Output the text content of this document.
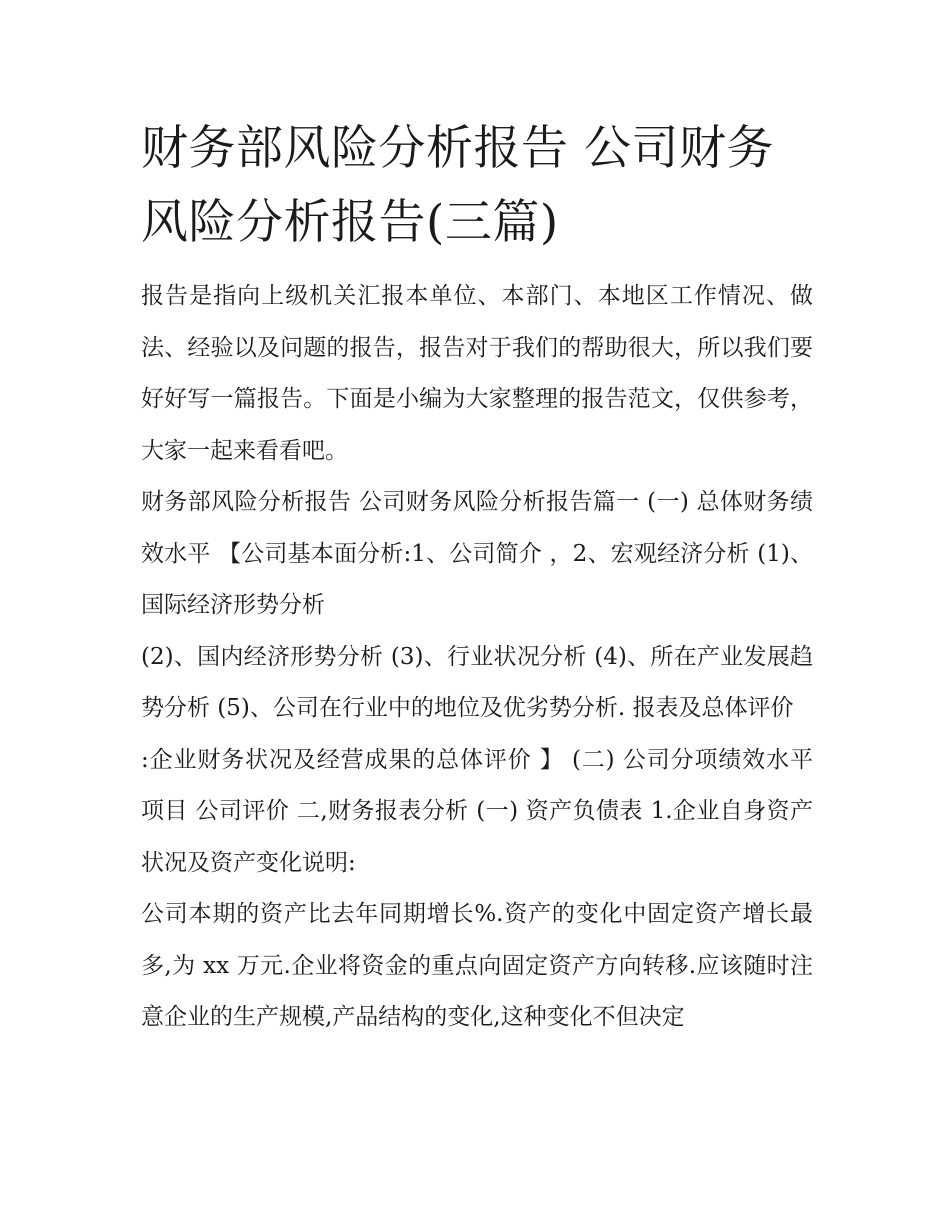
财务部风险分析报告 公司财务风险分析报告(三篇)

报告是指向上级机关汇报本单位、本部门、本地区工作情况、做法、经验以及问题的报告，报告对于我们的帮助很大，所以我们要好好写一篇报告。下面是小编为大家整理的报告范文，仅供参考，大家一起来看看吧。

财务部风险分析报告 公司财务风险分析报告篇一 (一) 总体财务绩效水平 【公司基本面分析:1、公司简介 ，2、宏观经济分析 (1)、国际经济形势分析

(2)、国内经济形势分析 (3)、行业状况分析 (4)、所在产业发展趋势分析 (5)、公司在行业中的地位及优劣势分析. 报表及总体评价

:企业财务状况及经营成果的总体评价 】 (二) 公司分项绩效水平 项目 公司评价 二,财务报表分析 (一) 资产负债表 1.企业自身资产状况及资产变化说明:

公司本期的资产比去年同期增长%.资产的变化中固定资产增长最多,为 xx 万元.企业将资金的重点向固定资产方向转移.应该随时注意企业的生产规模,产品结构的变化,这种变化不但决定
